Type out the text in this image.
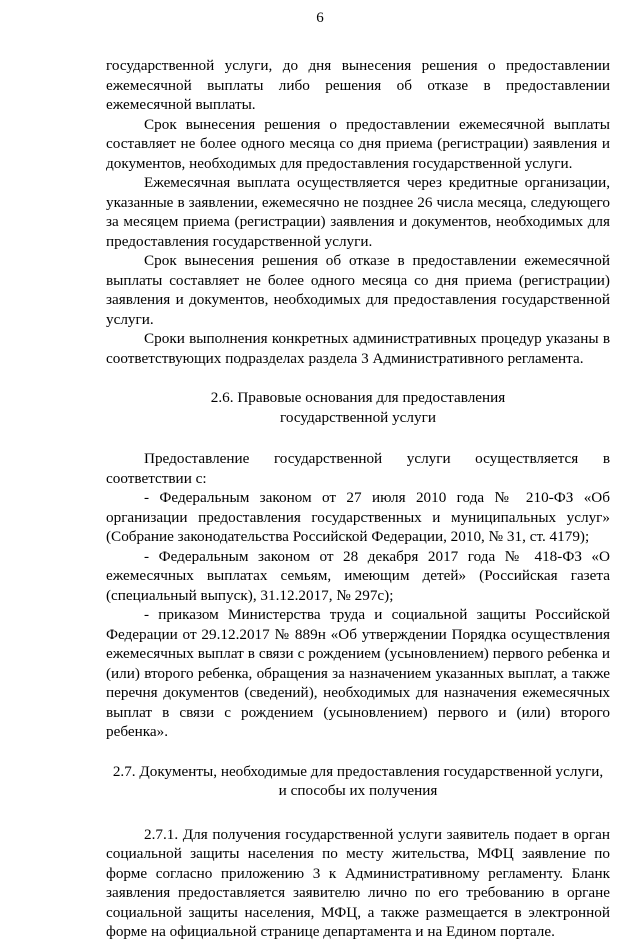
6

государственной услуги, до дня вынесения решения о предоставлении ежемесячной выплаты либо решения об отказе в предоставлении ежемесячной выплаты.

Срок вынесения решения о предоставлении ежемесячной выплаты составляет не более одного месяца со дня приема (регистрации) заявления и документов, необходимых для предоставления государственной услуги.

Ежемесячная выплата осуществляется через кредитные организации, указанные в заявлении, ежемесячно не позднее 26 числа месяца, следующего за месяцем приема (регистрации) заявления и документов, необходимых для предоставления государственной услуги.

Срок вынесения решения об отказе в предоставлении ежемесячной выплаты составляет не более одного месяца со дня приема (регистрации) заявления и документов, необходимых для предоставления государственной услуги.

Сроки выполнения конкретных административных процедур указаны в соответствующих подразделах раздела 3 Административного регламента.

2.6. Правовые основания для предоставления
государственной услуги

Предоставление государственной услуги осуществляется в соответствии с:

- Федеральным законом от 27 июля 2010 года № 210-ФЗ «Об организации предоставления государственных и муниципальных услуг» (Собрание законодательства Российской Федерации, 2010, № 31, ст. 4179);

- Федеральным законом от 28 декабря 2017 года № 418-ФЗ «О ежемесячных выплатах семьям, имеющим детей» (Российская газета (специальный выпуск), 31.12.2017, № 297с);

- приказом Министерства труда и социальной защиты Российской Федерации от 29.12.2017 № 889н «Об утверждении Порядка осуществления ежемесячных выплат в связи с рождением (усыновлением) первого ребенка и (или) второго ребенка, обращения за назначением указанных выплат, а также перечня документов (сведений), необходимых для назначения ежемесячных выплат в связи с рождением (усыновлением) первого и (или) второго ребенка».

2.7. Документы, необходимые для предоставления государственной услуги,
и способы их получения

2.7.1. Для получения государственной услуги заявитель подает в орган социальной защиты населения по месту жительства, МФЦ заявление по форме согласно приложению 3 к Административному регламенту. Бланк заявления предоставляется заявителю лично по его требованию в органе социальной защиты населения, МФЦ, а также размещается в электронной форме на официальной странице департамента и на Едином портале.
